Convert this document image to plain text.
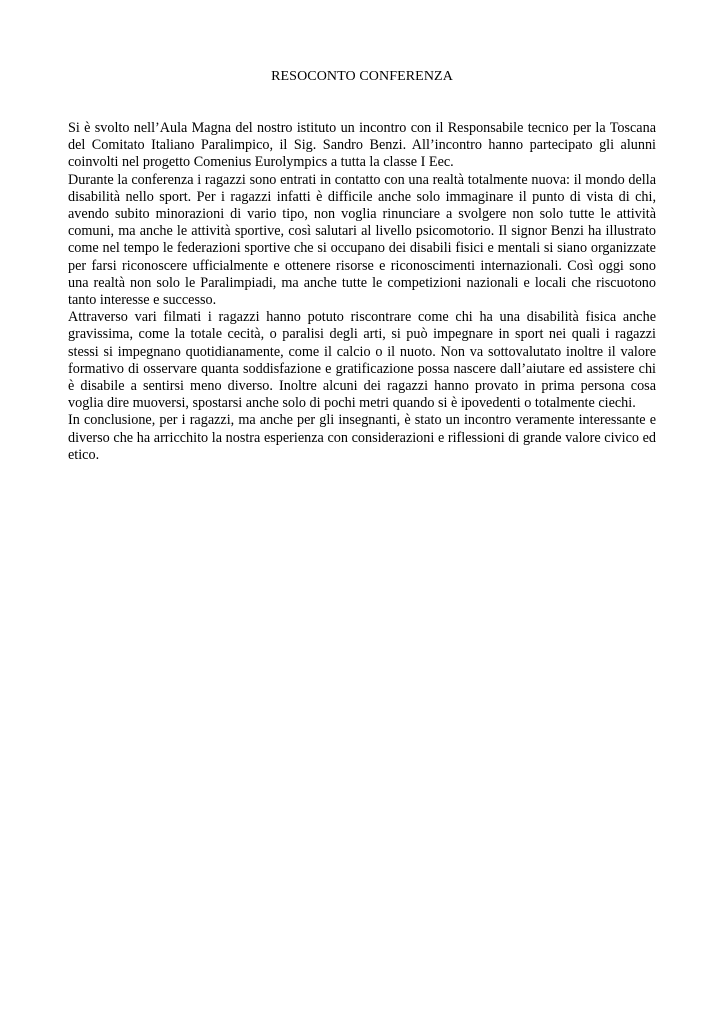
RESOCONTO CONFERENZA

Si è svolto nell’Aula Magna del nostro istituto un incontro con il Responsabile tecnico per la Toscana del Comitato Italiano Paralimpico, il Sig. Sandro Benzi. All’incontro hanno partecipato gli alunni coinvolti nel progetto Comenius Eurolympics a tutta la classe I Eec.

Durante la conferenza i ragazzi sono entrati in contatto con una realtà totalmente nuova: il mondo della disabilità nello sport. Per i ragazzi infatti è difficile anche solo immaginare il punto di vista di chi, avendo subito minorazioni di vario tipo, non voglia rinunciare a svolgere non solo tutte le attività comuni, ma anche le attività sportive, così salutari al livello psicomotorio. Il signor Benzi ha illustrato come nel tempo le federazioni sportive che si occupano dei disabili fisici e mentali si siano organizzate per farsi riconoscere ufficialmente e ottenere risorse e riconoscimenti internazionali. Così oggi sono una realtà non solo le Paralimpiadi, ma anche tutte le competizioni nazionali e locali che riscuotono tanto interesse e successo.

Attraverso vari filmati i ragazzi hanno potuto riscontrare come chi ha una disabilità fisica anche gravissima, come la totale cecità, o paralisi degli arti, si può impegnare in sport nei quali i ragazzi stessi si impegnano quotidianamente, come il calcio o il nuoto. Non va sottovalutato inoltre il valore formativo di osservare quanta soddisfazione e gratificazione possa nascere dall’aiutare ed assistere chi è disabile a sentirsi meno diverso. Inoltre alcuni dei ragazzi hanno provato in prima persona cosa voglia dire muoversi, spostarsi anche solo di pochi metri quando si è ipovedenti o totalmente ciechi.

In conclusione, per i ragazzi, ma anche per gli insegnanti, è stato un incontro veramente interessante e diverso che ha arricchito la nostra esperienza con considerazioni e riflessioni di grande valore civico ed etico.
